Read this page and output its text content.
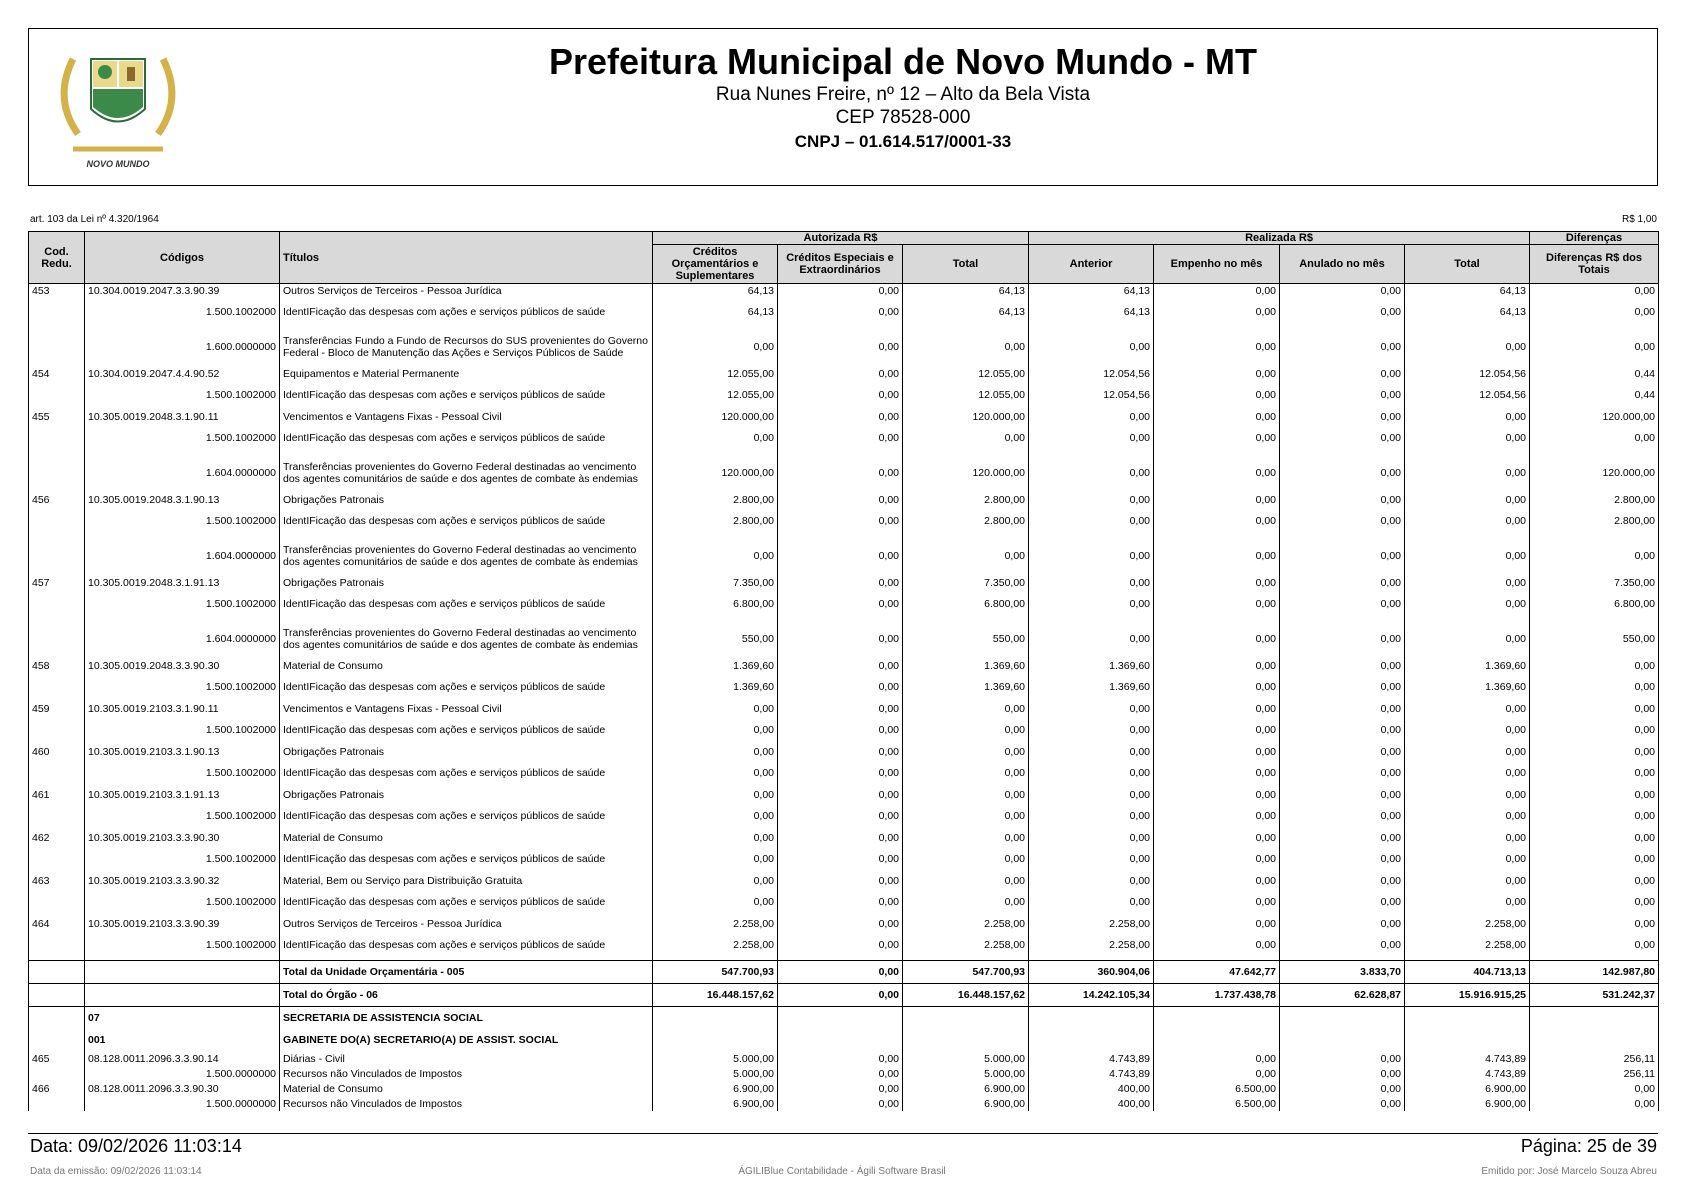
NOVO MUNDO
Prefeitura Municipal de Novo Mundo - MT
Rua Nunes Freire, nº 12 – Alto da Bela Vista
CEP 78528-000
CNPJ – 01.614.517/0001-33
art. 103 da Lei nº 4.320/1964	R$ 1,00
Cod. Redu.	Códigos	Títulos	Autorizada R$			Realizada R$				Diferenças
			Créditos Orçamentários e Suplementares	Créditos Especiais e Extraordinários	Total	Anterior	Empenho no mês	Anulado no mês	Total	Diferenças R$ dos Totais
453	10.304.0019.2047.3.3.90.39	Outros Serviços de Terceiros - Pessoa Jurídica	64,13	0,00	64,13	64,13	0,00	0,00	64,13	0,00
	1.500.1002000	IdentIFicação das despesas com ações e serviços públicos de saúde	64,13	0,00	64,13	64,13	0,00	0,00	64,13	0,00
	1.600.0000000	Transferências Fundo a Fundo de Recursos do SUS provenientes do Governo Federal - Bloco de Manutenção das Ações e Serviços Públicos de Saúde	0,00	0,00	0,00	0,00	0,00	0,00	0,00	0,00
454	10.304.0019.2047.4.4.90.52	Equipamentos e Material Permanente	12.055,00	0,00	12.055,00	12.054,56	0,00	0,00	12.054,56	0,44
	1.500.1002000	IdentIFicação das despesas com ações e serviços públicos de saúde	12.055,00	0,00	12.055,00	12.054,56	0,00	0,00	12.054,56	0,44
455	10.305.0019.2048.3.1.90.11	Vencimentos e Vantagens Fixas - Pessoal Civil	120.000,00	0,00	120.000,00	0,00	0,00	0,00	0,00	120.000,00
	1.500.1002000	IdentIFicação das despesas com ações e serviços públicos de saúde	0,00	0,00	0,00	0,00	0,00	0,00	0,00	0,00
	1.604.0000000	Transferências provenientes do Governo Federal destinadas ao vencimento dos agentes comunitários de saúde e dos agentes de combate às endemias	120.000,00	0,00	120.000,00	0,00	0,00	0,00	0,00	120.000,00
456	10.305.0019.2048.3.1.90.13	Obrigações Patronais	2.800,00	0,00	2.800,00	0,00	0,00	0,00	0,00	2.800,00
	1.500.1002000	IdentIFicação das despesas com ações e serviços públicos de saúde	2.800,00	0,00	2.800,00	0,00	0,00	0,00	0,00	2.800,00
	1.604.0000000	Transferências provenientes do Governo Federal destinadas ao vencimento dos agentes comunitários de saúde e dos agentes de combate às endemias	0,00	0,00	0,00	0,00	0,00	0,00	0,00	0,00
457	10.305.0019.2048.3.1.91.13	Obrigações Patronais	7.350,00	0,00	7.350,00	0,00	0,00	0,00	0,00	7.350,00
	1.500.1002000	IdentIFicação das despesas com ações e serviços públicos de saúde	6.800,00	0,00	6.800,00	0,00	0,00	0,00	0,00	6.800,00
	1.604.0000000	Transferências provenientes do Governo Federal destinadas ao vencimento dos agentes comunitários de saúde e dos agentes de combate às endemias	550,00	0,00	550,00	0,00	0,00	0,00	0,00	550,00
458	10.305.0019.2048.3.3.90.30	Material de Consumo	1.369,60	0,00	1.369,60	1.369,60	0,00	0,00	1.369,60	0,00
	1.500.1002000	IdentIFicação das despesas com ações e serviços públicos de saúde	1.369,60	0,00	1.369,60	1.369,60	0,00	0,00	1.369,60	0,00
459	10.305.0019.2103.3.1.90.11	Vencimentos e Vantagens Fixas - Pessoal Civil	0,00	0,00	0,00	0,00	0,00	0,00	0,00	0,00
	1.500.1002000	IdentIFicação das despesas com ações e serviços públicos de saúde	0,00	0,00	0,00	0,00	0,00	0,00	0,00	0,00
460	10.305.0019.2103.3.1.90.13	Obrigações Patronais	0,00	0,00	0,00	0,00	0,00	0,00	0,00	0,00
	1.500.1002000	IdentIFicação das despesas com ações e serviços públicos de saúde	0,00	0,00	0,00	0,00	0,00	0,00	0,00	0,00
461	10.305.0019.2103.3.1.91.13	Obrigações Patronais	0,00	0,00	0,00	0,00	0,00	0,00	0,00	0,00
	1.500.1002000	IdentIFicação das despesas com ações e serviços públicos de saúde	0,00	0,00	0,00	0,00	0,00	0,00	0,00	0,00
462	10.305.0019.2103.3.3.90.30	Material de Consumo	0,00	0,00	0,00	0,00	0,00	0,00	0,00	0,00
	1.500.1002000	IdentIFicação das despesas com ações e serviços públicos de saúde	0,00	0,00	0,00	0,00	0,00	0,00	0,00	0,00
463	10.305.0019.2103.3.3.90.32	Material, Bem ou Serviço para Distribuição Gratuita	0,00	0,00	0,00	0,00	0,00	0,00	0,00	0,00
	1.500.1002000	IdentIFicação das despesas com ações e serviços públicos de saúde	0,00	0,00	0,00	0,00	0,00	0,00	0,00	0,00
464	10.305.0019.2103.3.3.90.39	Outros Serviços de Terceiros - Pessoa Jurídica	2.258,00	0,00	2.258,00	2.258,00	0,00	0,00	2.258,00	0,00
	1.500.1002000	IdentIFicação das despesas com ações e serviços públicos de saúde	2.258,00	0,00	2.258,00	2.258,00	0,00	0,00	2.258,00	0,00
		Total da Unidade Orçamentária - 005	547.700,93	0,00	547.700,93	360.904,06	47.642,77	3.833,70	404.713,13	142.987,80
		Total do Órgão - 06	16.448.157,62	0,00	16.448.157,62	14.242.105,34	1.737.438,78	62.628,87	15.916.915,25	531.242,37
	07	SECRETARIA DE ASSISTENCIA SOCIAL								
	001	GABINETE DO(A) SECRETARIO(A) DE ASSIST. SOCIAL								
465	08.128.0011.2096.3.3.90.14	Diárias - Civil	5.000,00	0,00	5.000,00	4.743,89	0,00	0,00	4.743,89	256,11
	1.500.0000000	Recursos não Vinculados de Impostos	5.000,00	0,00	5.000,00	4.743,89	0,00	0,00	4.743,89	256,11
466	08.128.0011.2096.3.3.90.30	Material de Consumo	6.900,00	0,00	6.900,00	400,00	6.500,00	0,00	6.900,00	0,00
	1.500.0000000	Recursos não Vinculados de Impostos	6.900,00	0,00	6.900,00	400,00	6.500,00	0,00	6.900,00	0,00
Data: 09/02/2026 11:03:14	Página: 25 de 39
Data da emissão: 09/02/2026 11:03:14	ÁGILIBlue Contabilidade - Ágili Software Brasil	Emitido por: José Marcelo Souza Abreu
